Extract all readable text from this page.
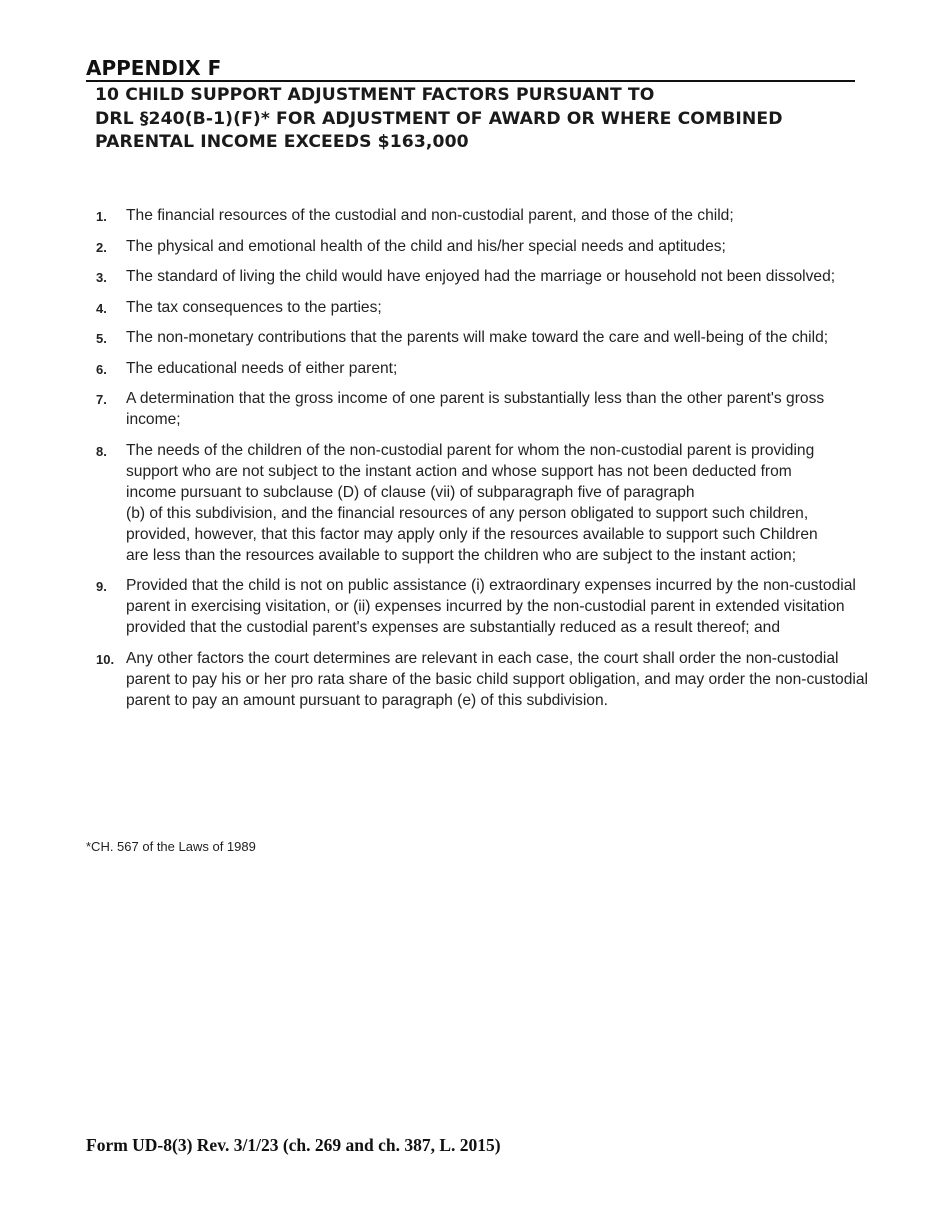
APPENDIX F
10 CHILD SUPPORT ADJUSTMENT FACTORS PURSUANT TO
DRL §240(B-1)(F)* FOR ADJUSTMENT OF AWARD OR WHERE COMBINED
PARENTAL INCOME EXCEEDS $163,000
1. The financial resources of the custodial and non-custodial parent, and those of the child;
2. The physical and emotional health of the child and his/her special needs and aptitudes;
3. The standard of living the child would have enjoyed had the marriage or household not been dissolved;
4. The tax consequences to the parties;
5. The non-monetary contributions that the parents will make toward the care and well-being of the child;
6. The educational needs of either parent;
7. A determination that the gross income of one parent is substantially less than the other parent's gross income;
8. The needs of the children of the non-custodial parent for whom the non-custodial parent is providing
support who are not subject to the instant action and whose support has not been deducted from
income pursuant to subclause (D) of clause (vii) of subparagraph five of paragraph
(b) of this subdivision, and the financial resources of any person obligated to support such children,
provided, however, that this factor may apply only if the resources available to support such Children
are less than the resources available to support the children who are subject to the instant action;
9. Provided that the child is not on public assistance (i) extraordinary expenses incurred by the non-custodial parent in exercising visitation, or (ii) expenses incurred by the non-custodial parent in extended visitation provided that the custodial parent's expenses are substantially reduced as a result thereof; and
10. Any other factors the court determines are relevant in each case, the court shall order the non-custodial parent to pay his or her pro rata share of the basic child support obligation, and may order the non-custodial parent to pay an amount pursuant to paragraph (e) of this subdivision.
*CH. 567 of the Laws of 1989
Form UD-8(3) Rev. 3/1/23 (ch. 269 and ch. 387, L. 2015)
